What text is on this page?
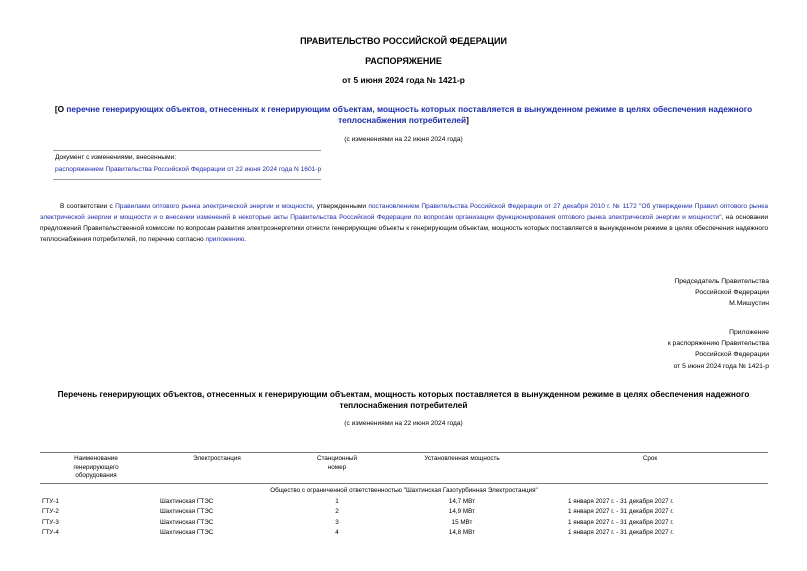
ПРАВИТЕЛЬСТВО РОССИЙСКОЙ ФЕДЕРАЦИИ
РАСПОРЯЖЕНИЕ
от 5 июня 2024 года № 1421-р
[О перечне генерирующих объектов, отнесенных к генерирующим объектам, мощность которых поставляется в вынужденном режиме в целях обеспечения надежного теплоснабжения потребителей]
(с изменениями на 22 июня 2024 года)
Документ с изменениями, внесенными:
распоряжением Правительства Российской Федерации от 22 июня 2024 года N 1601-р
В соответствии с Правилами оптового рынка электрической энергии и мощности, утвержденными постановлением Правительства Российской Федерации от 27 декабря 2010 г. № 1172 "Об утверждении Правил оптового рынка электрической энергии и мощности и о внесении изменений в некоторые акты Правительства Российской Федерации по вопросам организации функционирования оптового рынка электрической энергии и мощности", на основании предложений Правительственной комиссии по вопросам развития электроэнергетики отнести генерирующие объекты к генерирующим объектам, мощность которых поставляется в вынужденном режиме в целях обеспечения надежного теплоснабжения потребителей, по перечню согласно приложению.
Председатель Правительства
Российской Федерации
М.Мишустин
Приложение
к распоряжению Правительства
Российской Федерации
от 5 июня 2024 года № 1421-р
Перечень генерирующих объектов, отнесенных к генерирующим объектам, мощность которых поставляется в вынужденном режиме в целях обеспечения надежного теплоснабжения потребителей
(с изменениями на 22 июня 2024 года)
Наименование генерирующего оборудования	Электростанция	Станционный номер	Установленная мощность	Срок
Общество с ограниченной ответственностью "Шахтинская Газотурбинная Электростанция"				
ГТУ-1	Шахтинская ГТЭС	1	14,7 МВт	1 января 2027 г. - 31 декабря 2027 г.
ГТУ-2	Шахтинская ГТЭС	2	14,9 МВт	1 января 2027 г. - 31 декабря 2027 г.
ГТУ-3	Шахтинская ГТЭС	3	15 МВт	1 января 2027 г. - 31 декабря 2027 г.
ГТУ-4	Шахтинская ГТЭС	4	14,8 МВт	1 января 2027 г. - 31 декабря 2027 г.
